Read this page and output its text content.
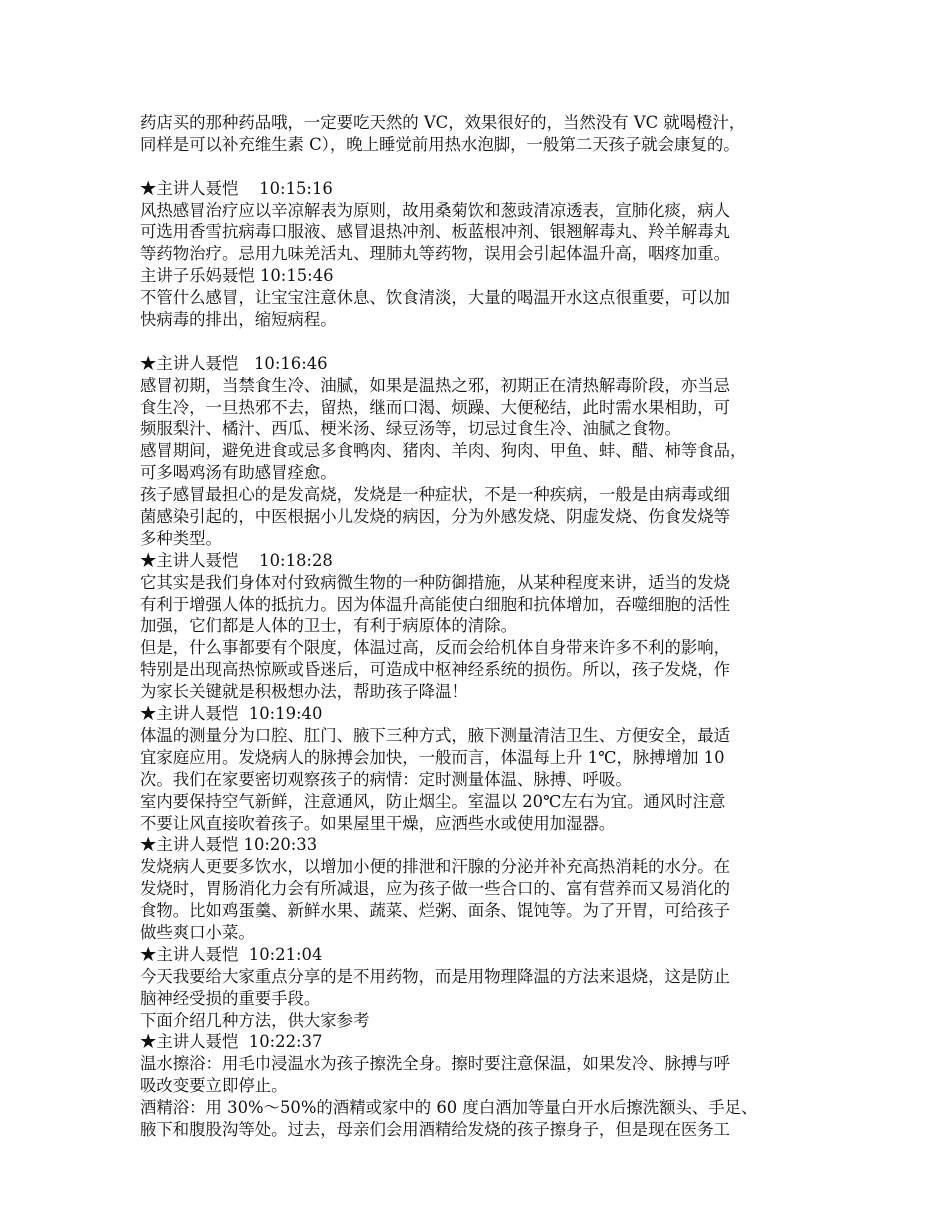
药店买的那种药品哦，一定要吃天然的 VC，效果很好的，当然没有 VC 就喝橙汁，
同样是可以补充维生素 C），晚上睡觉前用热水泡脚，一般第二天孩子就会康复的。
★主讲人聂恺    10:15:16
风热感冒治疗应以辛凉解表为原则，故用桑菊饮和葱豉清凉透表，宣肺化痰，病人
可选用香雪抗病毒口服液、感冒退热冲剂、板蓝根冲剂、银翘解毒丸、羚羊解毒丸
等药物治疗。忌用九味羌活丸、理肺丸等药物，误用会引起体温升高，咽疼加重。
主讲子乐妈聂恺 10:15:46
不管什么感冒，让宝宝注意休息、饮食清淡，大量的喝温开水这点很重要，可以加
快病毒的排出，缩短病程。
★主讲人聂恺   10:16:46
感冒初期，当禁食生冷、油腻，如果是温热之邪，初期正在清热解毒阶段，亦当忌
食生冷，一旦热邪不去，留热，继而口渴、烦躁、大便秘结，此时需水果相助，可
频服梨汁、橘汁、西瓜、梗米汤、绿豆汤等，切忌过食生冷、油腻之食物。
感冒期间，避免进食或忌多食鸭肉、猪肉、羊肉、狗肉、甲鱼、蚌、醋、柿等食品，
可多喝鸡汤有助感冒痊愈。
孩子感冒最担心的是发高烧，发烧是一种症状，不是一种疾病，一般是由病毒或细
菌感染引起的，中医根据小儿发烧的病因，分为外感发烧、阴虚发烧、伤食发烧等
多种类型。
★主讲人聂恺    10:18:28
它其实是我们身体对付致病微生物的一种防御措施，从某种程度来讲，适当的发烧
有利于增强人体的抵抗力。因为体温升高能使白细胞和抗体增加，吞噬细胞的活性
加强，它们都是人体的卫士，有利于病原体的清除。
但是，什么事都要有个限度，体温过高，反而会给机体自身带来许多不利的影响，
特别是出现高热惊厥或昏迷后，可造成中枢神经系统的损伤。所以，孩子发烧，作
为家长关键就是积极想办法，帮助孩子降温！
★主讲人聂恺  10:19:40
体温的测量分为口腔、肛门、腋下三种方式，腋下测量清洁卫生、方便安全，最适
宜家庭应用。发烧病人的脉搏会加快，一般而言，体温每上升 1℃，脉搏增加 10
次。我们在家要密切观察孩子的病情：定时测量体温、脉搏、呼吸。
室内要保持空气新鲜，注意通风，防止烟尘。室温以 20℃左右为宜。通风时注意
不要让风直接吹着孩子。如果屋里干燥，应洒些水或使用加湿器。
★主讲人聂恺 10:20:33
发烧病人更要多饮水，以增加小便的排泄和汗腺的分泌并补充高热消耗的水分。在
发烧时，胃肠消化力会有所减退，应为孩子做一些合口的、富有营养而又易消化的
食物。比如鸡蛋羹、新鲜水果、蔬菜、烂粥、面条、馄饨等。为了开胃，可给孩子
做些爽口小菜。
★主讲人聂恺  10:21:04
今天我要给大家重点分享的是不用药物，而是用物理降温的方法来退烧，这是防止
脑神经受损的重要手段。
下面介绍几种方法，供大家参考
★主讲人聂恺  10:22:37
温水擦浴：用毛巾浸温水为孩子擦洗全身。擦时要注意保温，如果发冷、脉搏与呼
吸改变要立即停止。
酒精浴：用 30%～50%的酒精或家中的 60 度白酒加等量白开水后擦洗额头、手足、
腋下和腹股沟等处。过去，母亲们会用酒精给发烧的孩子擦身子，但是现在医务工
